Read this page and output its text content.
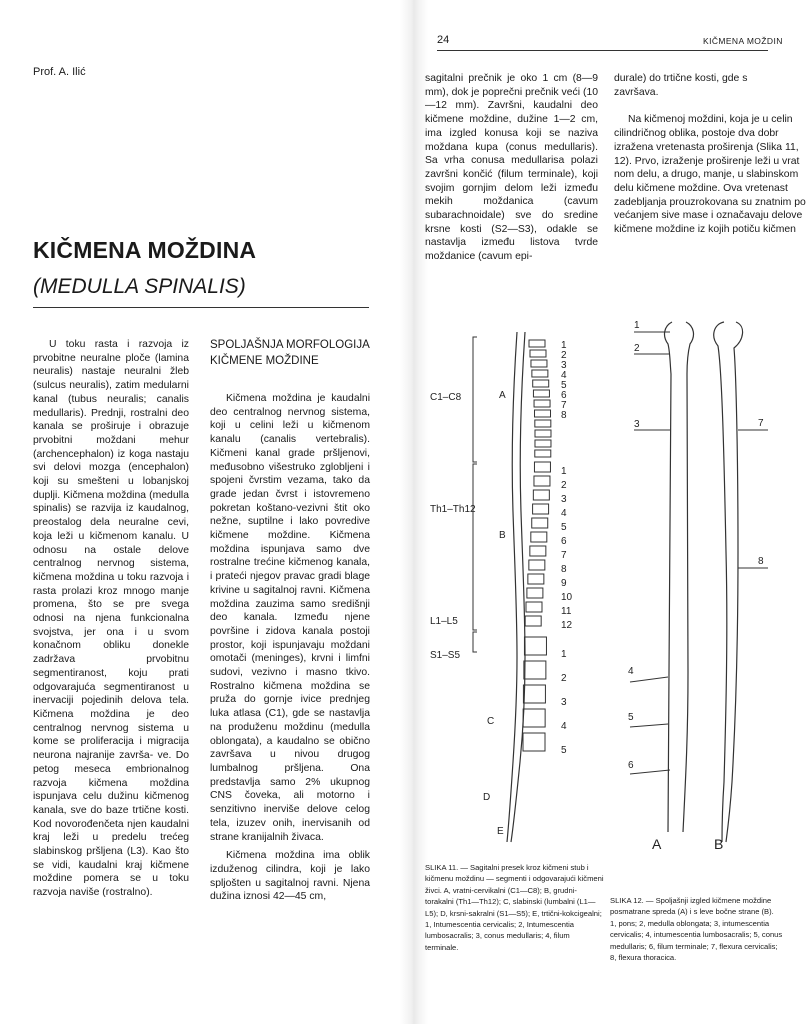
Prof. A. Ilić
KIČMENA MOŽDINA
(MEDULLA SPINALIS)

U toku rasta i razvoja iz prvobitne neuralne ploče (lamina neuralis) nastaje neuralni žleb (sulcus neuralis), zatim medularni kanal (tubus neuralis; canalis medullaris). Prednji, rostralni deo kanala se proširuje i obrazuje prvobitni moždani mehur (archencephalon) iz koga nastaju svi delovi mozga (encephalon) koji su smešteni u lobanjskoj duplji. Kičmena moždina (medulla spinalis) se razvija iz kaudalnog, preostalog dela neuralne cevi, koja leži u kičmenom kanalu. U odnosu na ostale delove centralnog nervnog sistema, kičmena moždina u toku razvoja i rasta prolazi kroz mnogo manje promena, što se pre svega odnosi na njena funkcionalna svojstva, jer ona i u svom konačnom obliku donekle zadržava prvobitnu segmentiranost, koju prati odgovarajuća segmentiranost u inervaciji pojedinih delova tela. Kičmena moždina je deo centralnog nervnog sistema u kome se proliferacija i migracija neurona najranije završa- ve. Do petog meseca embrionalnog razvoja kičmena moždina ispunjava celu dužinu kičmenog kanala, sve do baze trtične kosti. Kod novorođenčeta njen kaudalni kraj leži u predelu trećeg slabinskog pršljena (L3). Kao što se vidi, kaudalni kraj kičmene moždine pomera se u toku razvoja naviše (rostralno).

SPOLJAŠNJA MORFOLOGIJA
KIČMENE MOŽDINE

Kičmena moždina je kaudalni deo centralnog nervnog sistema, koji u celini leži u kičmenom kanalu (canalis vertebralis). Kičmeni kanal grade pršljenovi, međusobno višestruko zglobljeni i spojeni čvrstim vezama, tako da grade jedan čvrst i istovremeno pokretan koštano-vezivni štit oko nežne, suptilne i lako povredive kičmene moždine. Kičmena moždina ispunjava samo dve rostralne trećine kičmenog kanala, i prateći njegov pravac gradi blage krivine u sagitalnoj ravni. Kičmena moždina zauzima samo središnji deo kanala. Između njene površine i zidova kanala postoji prostor, koji ispunjavaju moždani omotači (meninges), krvni i limfni sudovi, vezivno i masno tkivo. Rostralno kičmena moždina se pruža do gornje ivice prednjeg luka atlasa (C1), gde se nastavlja na produženu moždinu (medulla oblongata), a kaudalno se obično završava u nivou drugog lumbalnog pršljena. Ona predstavlja samo 2% ukupnog CNS čoveka, ali motorno i senzitivno inerviše delove celog tela, izuzev onih, inervisanih od strane kranijalnih živaca.

Kičmena moždina ima oblik izduženog cilindra, koji je lako spljošten u sagitalnoj ravni. Njena dužina iznosi 42—45 cm,

24	KIČMENA MOŽDIN

sagitalni prečnik je oko 1 cm (8—9 mm), dok je poprečni prečnik veći (10—12 mm). Završni, kaudalni deo kičmene moždine, dužine 1—2 cm, ima izgled konusa koji se naziva moždana kupa (conus medullaris). Sa vrha conusa medullarisa polazi završni končić (filum terminale), koji svojim gornjim delom leži između mekih moždanica (cavum subarachnoidale) sve do sredine krsne kosti (S2—S3), odakle se nastavlja između listova tvrde moždanice (cavum epi-

durale) do trtične kosti, gde s

završava.

Na kičmenoj moždini, koja je u celin

cilindričnog oblika, postoje dva dobr

izražena vretenasta proširenja (Slika 11,

12). Prvo, izraženje proširenje leži u vrat

nom delu, a drugo, manje, u slabinskom

delu kičmene moždine. Ova vretenast

zadebljanja prouzrokovana su znatnim po

većanjem sive mase i označavaju delove

kičmene moždine iz kojih potiču kičmen

1
2
3
4
5
6
7
8
1
2
3
4
5
6
7
8
9
10
11
12
1
2
3
4
5
C1–C8
Th1–Th12
L1–L5
S1–S5
A
B
C
D
E
1
2
3
4
5
6
7
8
A	B
SLIKA 11. — Sagitalni presek kroz kičmeni stub i kičmenu moždinu — segmenti i odgovarajući kičmeni živci. A, vratni-cervikalni (C1—C8); B, grudni-torakalni (Th1—Th12); C, slabinski (lumbalni (L1—L5); D, krsni-sakralni (S1—S5); E, trtični-kokcigealni; 1, Intumescentia cervicalis; 2, Intumescentia lumbosacralis; 3, conus medullaris; 4, filum terminale.
SLIKA 12. — Spoljašnji izgled kičmene moždine
posmatrane spreda (A) i s leve bočne strane (B).
1, pons; 2, medulla oblongata; 3, intumescentia
cervicalis; 4, intumescentia lumbosacralis; 5, conus
medullaris; 6, filum terminale; 7, flexura cervicalis;
8, flexura thoracica.
